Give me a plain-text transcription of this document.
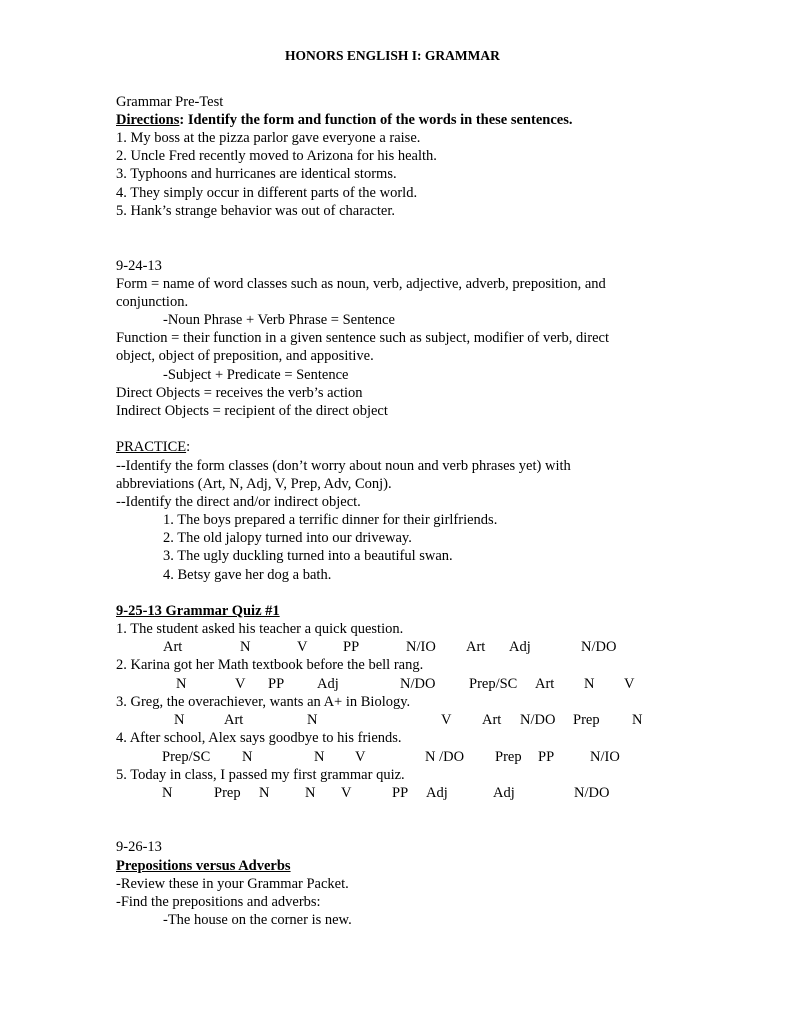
HONORS ENGLISH I: GRAMMAR
Grammar Pre-Test
Directions: Identify the form and function of the words in these sentences.
1. My boss at the pizza parlor gave everyone a raise.
2. Uncle Fred recently moved to Arizona for his health.
3. Typhoons and hurricanes are identical storms.
4. They simply occur in different parts of the world.
5. Hank’s strange behavior was out of character.
9-24-13
Form = name of word classes such as noun, verb, adjective, adverb, preposition, and
conjunction.
-Noun Phrase + Verb Phrase = Sentence
Function = their function in a given sentence such as subject, modifier of verb, direct
object, object of preposition, and appositive.
-Subject + Predicate = Sentence
Direct Objects = receives the verb’s action
Indirect Objects = recipient of the direct object
PRACTICE:
--Identify the form classes (don’t worry about noun and verb phrases yet) with
abbreviations (Art, N, Adj, V, Prep, Adv, Conj).
--Identify the direct and/or indirect object.
1. The boys prepared a terrific dinner for their girlfriends.
2. The old jalopy turned into our driveway.
3. The ugly duckling turned into a beautiful swan.
4. Betsy gave her dog a bath.
9-25-13 Grammar Quiz #1
1. The student asked his teacher a quick question.
Art	N	V PP	N/IO Art Adj	N/DO
2. Karina got her Math textbook before the bell rang.
N	V PP Adj	N/DO Prep/SC Art N V
3. Greg, the overachiever, wants an A+ in Biology.
N	Art	N	V Art N/DO Prep N
4. After school, Alex says goodbye to his friends.
Prep/SC N	N V	N /DO Prep PP N/IO
5. Today in class, I passed my first grammar quiz.
N	Prep N N V	PP Adj	Adj	N/DO
9-26-13
Prepositions versus Adverbs
-Review these in your Grammar Packet.
-Find the prepositions and adverbs:
-The house on the corner is new.
